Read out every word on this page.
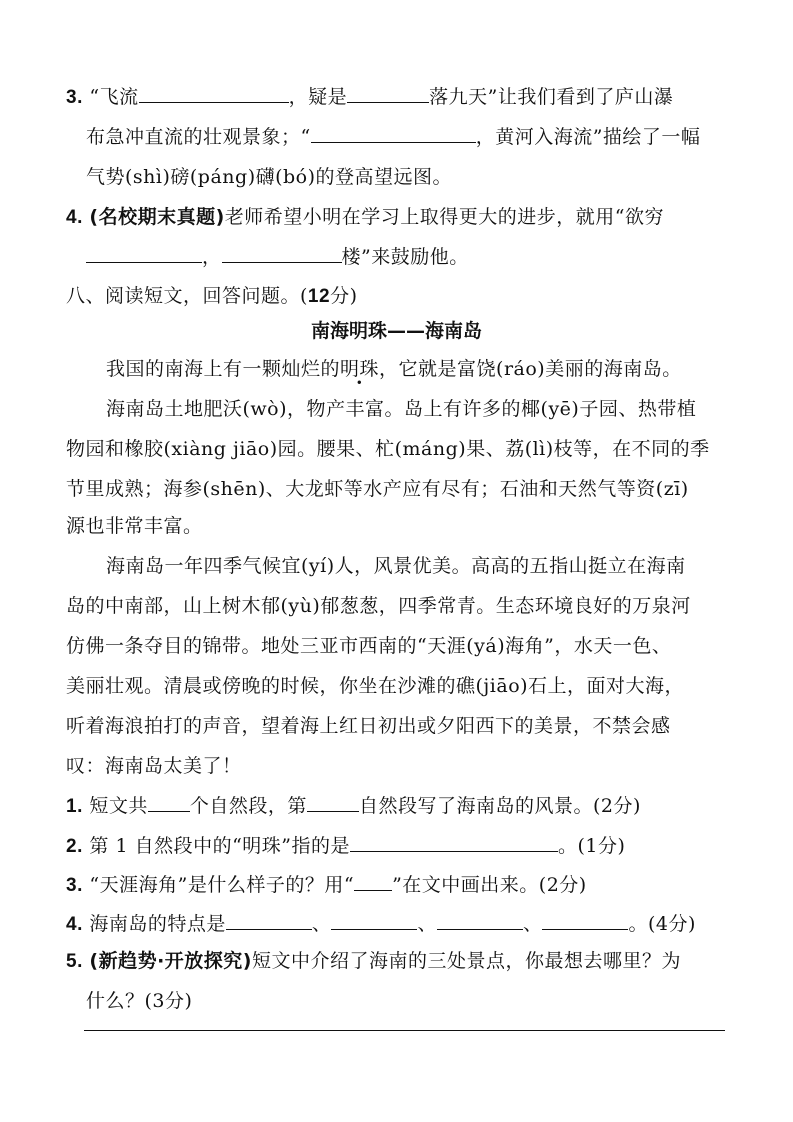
3. “飞流	，疑是	落九天”让我们看到了庐山瀑
布急冲直流的壮观景象；“	，黄河入海流”描绘了一幅
气势(shì)磅(páng)礴(bó)的登高望远图。
4. (名校期末真题)老师希望小明在学习上取得更大的进步，就用“欲穷
，	楼”来鼓励他。
八、阅读短文，回答问题。(12分)
南海明珠——海南岛
我国的南海上有一颗灿烂的明珠，它就是富饶(ráo)美丽的海南岛。
海南岛土地肥沃(wò)，物产丰富。岛上有许多的椰(yē)子园、热带植
物园和橡胶(xiàng jiāo)园。腰果、杧(máng)果、荔(lì)枝等，在不同的季
节里成熟；海参(shēn)、大龙虾等水产应有尽有；石油和天然气等资(zī)
源也非常丰富。
海南岛一年四季气候宜(yí)人，风景优美。高高的五指山挺立在海南
岛的中南部，山上树木郁(yù)郁葱葱，四季常青。生态环境良好的万泉河
仿佛一条夺目的锦带。地处三亚市西南的“天涯(yá)海角”，水天一色、
美丽壮观。清晨或傍晚的时候，你坐在沙滩的礁(jiāo)石上，面对大海，
听着海浪拍打的声音，望着海上红日初出或夕阳西下的美景，不禁会感
叹：海南岛太美了！
1. 短文共 个自然段，第	自然段写了海南岛的风景。(2分)
2. 第 1 自然段中的“明珠”指的是	。(1分)
3. “天涯海角”是什么样子的？用“ ”在文中画出来。(2分)
4. 海南岛的特点是	、	、	、	。(4分)
5. (新趋势·开放探究)短文中介绍了海南的三处景点，你最想去哪里？为
什么？(3分)
